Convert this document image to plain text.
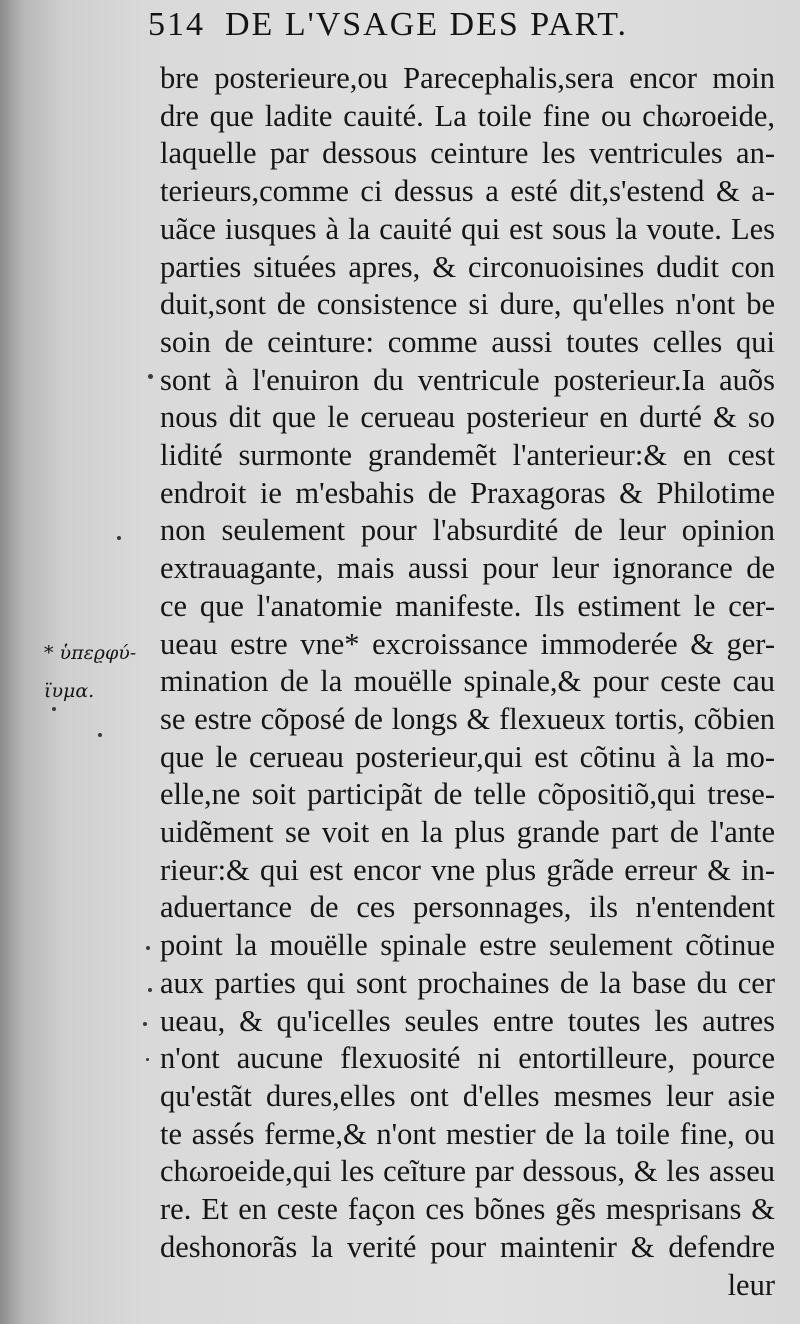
514 DE L'VSAGE DES PART.
bre posterieure,ou Parecephalis,sera encor moin
dre que ladite cauité. La toile fine ou chωroeide,
laquelle par dessous ceinture les ventricules an-
terieurs,comme ci dessus a esté dit,s'estend & a-
uãce iusques à la cauité qui est sous la voute. Les
parties situées apres, & circonuoisines dudit con
duit,sont de consistence si dure, qu'elles n'ont be
soin de ceinture: comme aussi toutes celles qui
sont à l'enuiron du ventricule posterieur.Ia auõs
nous dit que le cerueau posterieur en durté & so
lidité surmonte grandemẽt l'anterieur:& en cest
endroit ie m'esbahis de Praxagoras & Philotime
non seulement pour l'absurdité de leur opinion
extrauagante, mais aussi pour leur ignorance de
ce que l'anatomie manifeste. Ils estiment le cer-
ueau estre vne* excroissance immoderée & ger-
mination de la mouëlle spinale,& pour ceste cau
se estre cõposé de longs & flexueux tortis, cõbien
que le cerueau posterieur,qui est cõtinu à la mo-
elle,ne soit participãt de telle cõpositiõ,qui trese-
uidẽment se voit en la plus grande part de l'ante
rieur:& qui est encor vne plus grãde erreur & in-
aduertance de ces personnages, ils n'entendent
point la mouëlle spinale estre seulement cõtinue
aux parties qui sont prochaines de la base du cer
ueau, & qu'icelles seules entre toutes les autres
n'ont aucune flexuosité ni entortilleure, pource
qu'estãt dures,elles ont d'elles mesmes leur asie
te assés ferme,& n'ont mestier de la toile fine, ou
chωroeide,qui les ceĩture par dessous, & les asseu
re. Et en ceste façon ces bõnes gẽs mesprisans &
deshonorãs la verité pour maintenir & defendre
leur
* ὑπεϱφύ-
ϊυμα.
